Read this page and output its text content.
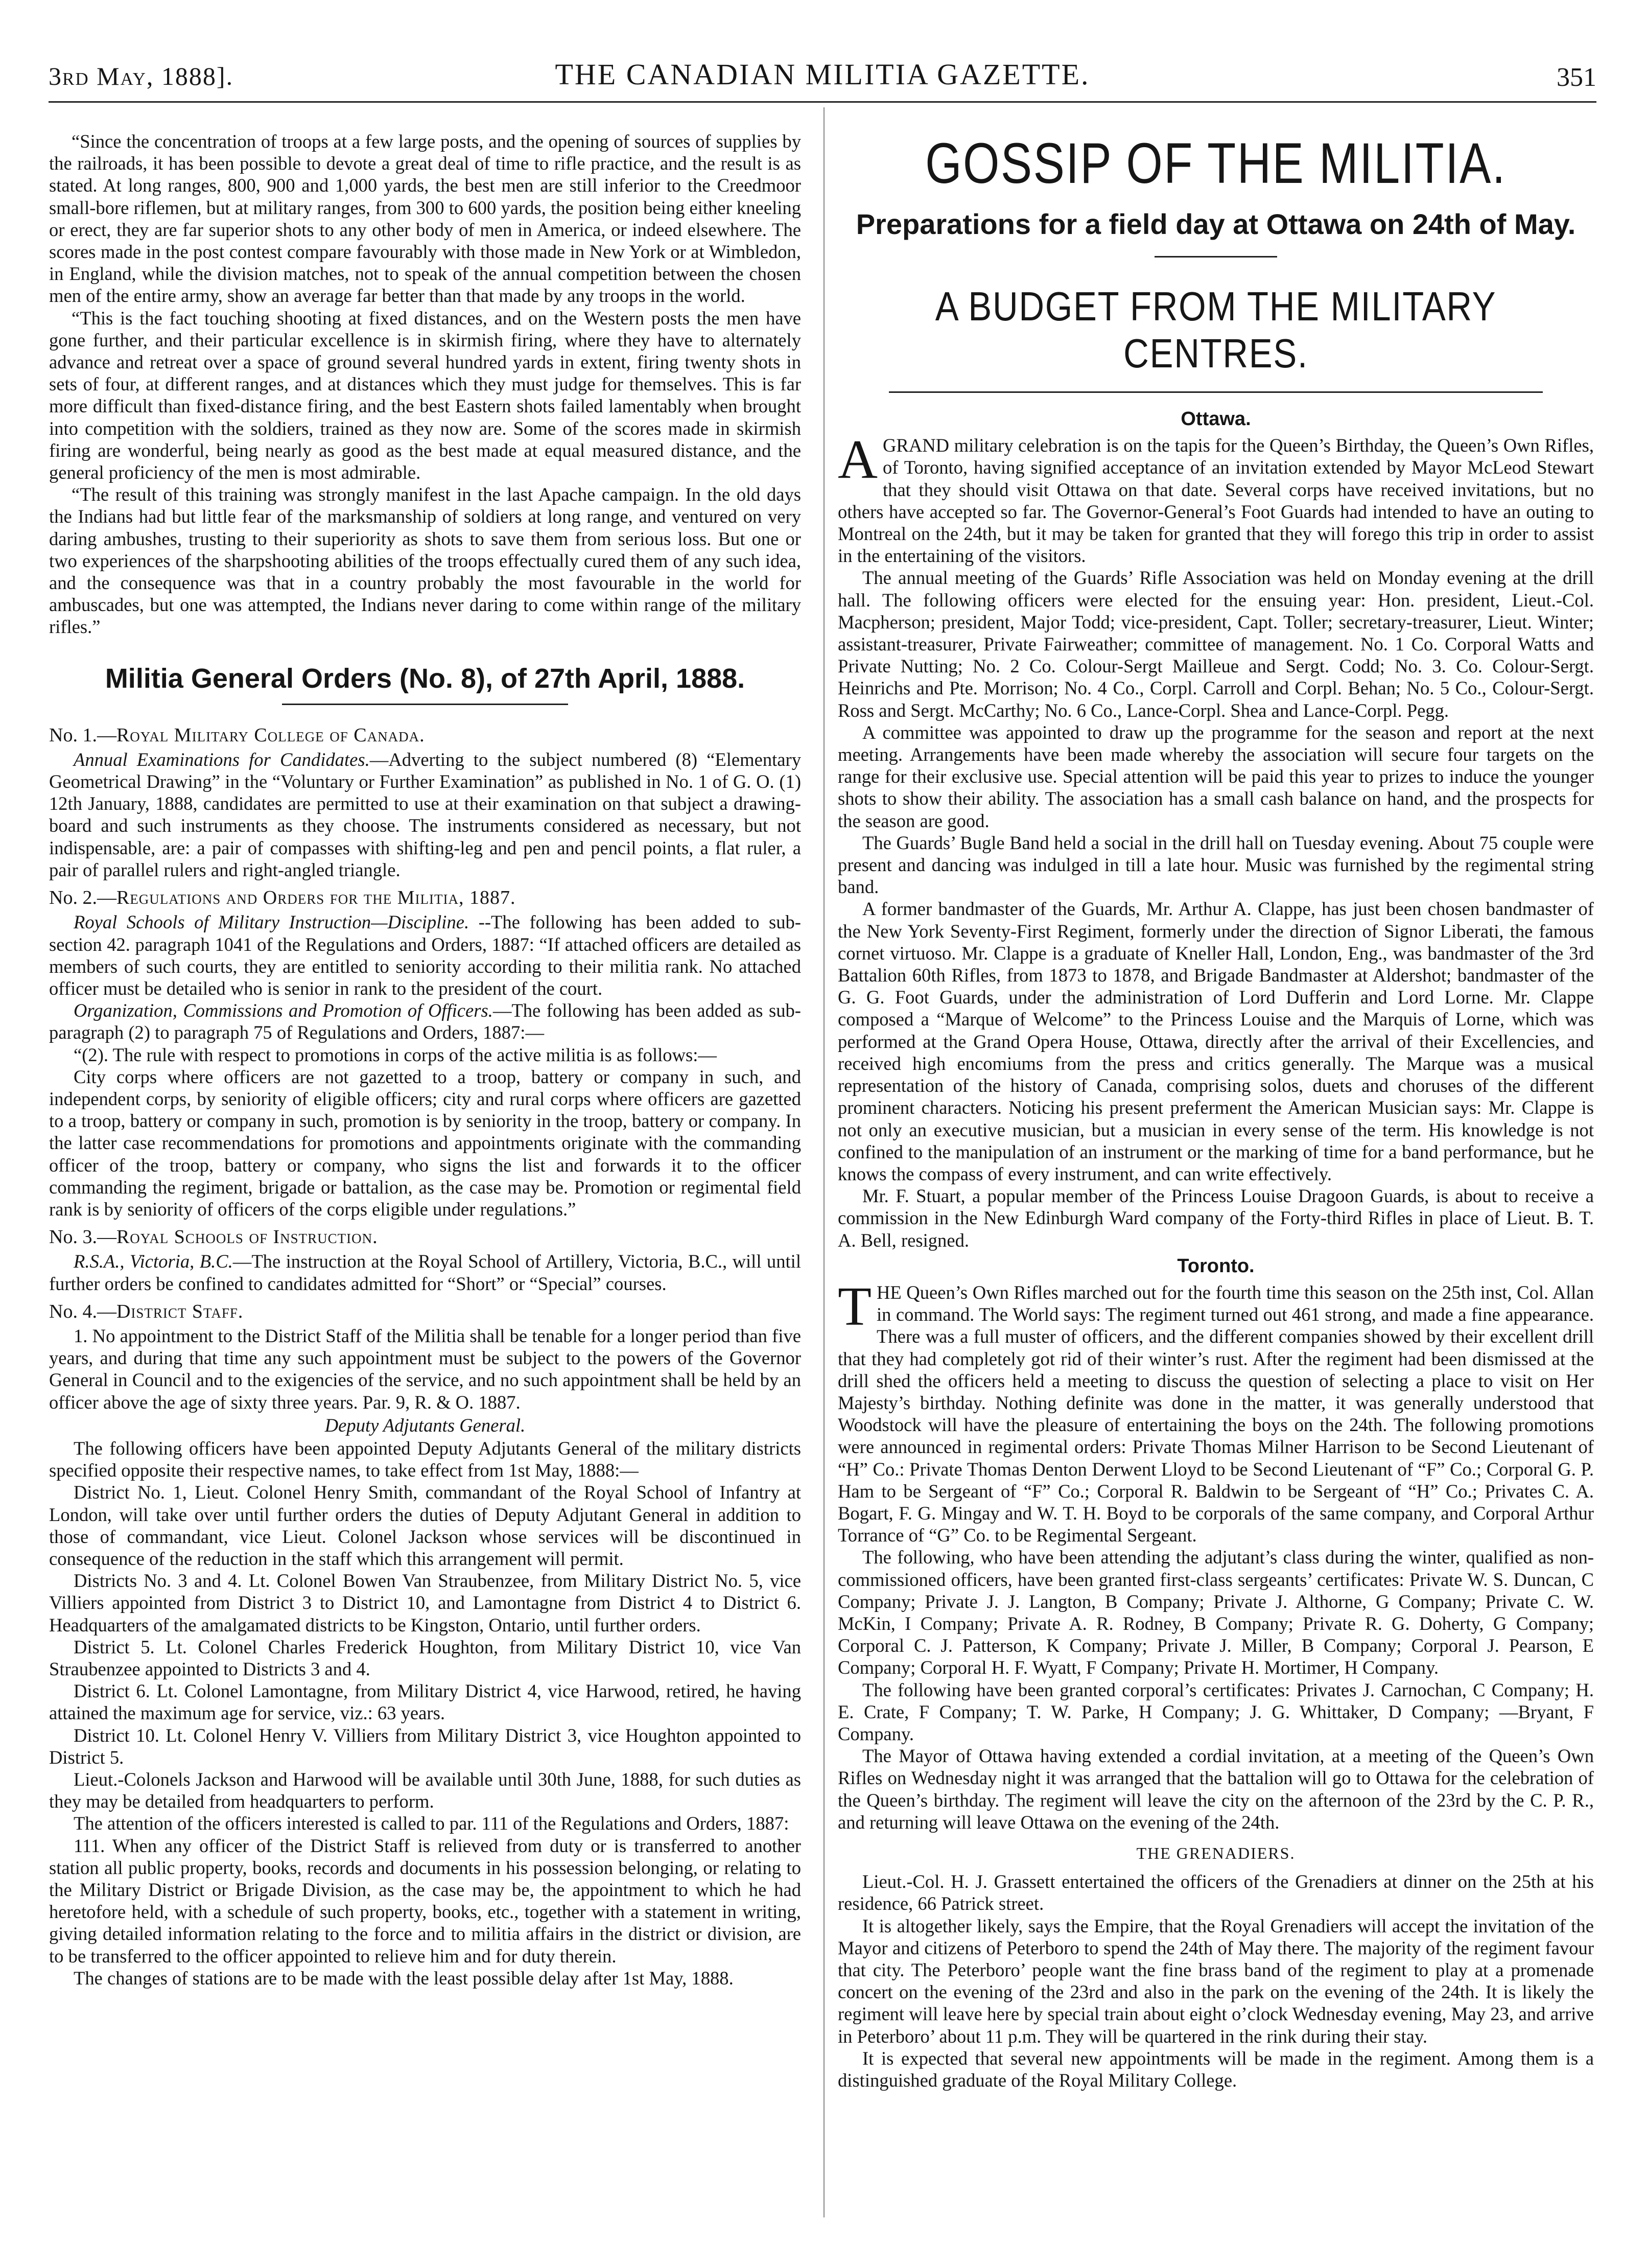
3rd May, 1888].	THE CANADIAN MILITIA GAZETTE.	351

“Since the concentration of troops at a few large posts, and the opening of sources of supplies by the railroads, it has been possible to devote a great deal of time to rifle practice, and the result is as stated. At long ranges, 800, 900 and 1,000 yards, the best men are still inferior to the Creedmoor small-bore riflemen, but at military ranges, from 300 to 600 yards, the position being either kneeling or erect, they are far superior shots to any other body of men in America, or indeed elsewhere. The scores made in the post contest compare favourably with those made in New York or at Wimbledon, in England, while the division matches, not to speak of the annual competition between the chosen men of the entire army, show an average far better than that made by any troops in the world.

“This is the fact touching shooting at fixed distances, and on the Western posts the men have gone further, and their particular excellence is in skirmish firing, where they have to alternately advance and retreat over a space of ground several hundred yards in extent, firing twenty shots in sets of four, at different ranges, and at distances which they must judge for themselves. This is far more difficult than fixed-distance firing, and the best Eastern shots failed lamentably when brought into competition with the soldiers, trained as they now are. Some of the scores made in skirmish firing are wonderful, being nearly as good as the best made at equal measured distance, and the general proficiency of the men is most admirable.

“The result of this training was strongly manifest in the last Apache campaign. In the old days the Indians had but little fear of the marksmanship of soldiers at long range, and ventured on very daring ambushes, trusting to their superiority as shots to save them from serious loss. But one or two experiences of the sharpshooting abilities of the troops effectually cured them of any such idea, and the consequence was that in a country probably the most favourable in the world for ambuscades, but one was attempted, the Indians never daring to come within range of the military rifles.”

Militia General Orders (No. 8), of 27th April, 1888.

No. 1.—Royal Military College of Canada.

Annual Examinations for Candidates.—Adverting to the subject numbered (8) “Elementary Geometrical Drawing” in the “Voluntary or Further Examination” as published in No. 1 of G. O. (1) 12th January, 1888, candidates are permitted to use at their examination on that subject a drawing-board and such instruments as they choose. The instruments considered as necessary, but not indispensable, are: a pair of compasses with shifting-leg and pen and pencil points, a flat ruler, a pair of parallel rulers and right-angled triangle.

No. 2.—Regulations and Orders for the Militia, 1887.

Royal Schools of Military Instruction—Discipline. --The following has been added to sub-section 42. paragraph 1041 of the Regulations and Orders, 1887: “If attached officers are detailed as members of such courts, they are entitled to seniority according to their militia rank. No attached officer must be detailed who is senior in rank to the president of the court.

Organization, Commissions and Promotion of Officers.—The following has been added as sub-paragraph (2) to paragraph 75 of Regulations and Orders, 1887:—

“(2). The rule with respect to promotions in corps of the active militia is as follows:—

City corps where officers are not gazetted to a troop, battery or company in such, and independent corps, by seniority of eligible officers; city and rural corps where officers are gazetted to a troop, battery or company in such, promotion is by seniority in the troop, battery or company. In the latter case recommendations for promotions and appointments originate with the commanding officer of the troop, battery or company, who signs the list and forwards it to the officer commanding the regiment, brigade or battalion, as the case may be. Promotion or regimental field rank is by seniority of officers of the corps eligible under regulations.”

No. 3.—Royal Schools of Instruction.

R.S.A., Victoria, B.C.—The instruction at the Royal School of Artillery, Victoria, B.C., will until further orders be confined to candidates admitted for “Short” or “Special” courses.

No. 4.—District Staff.

1. No appointment to the District Staff of the Militia shall be tenable for a longer period than five years, and during that time any such appointment must be subject to the powers of the Governor General in Council and to the exigencies of the service, and no such appointment shall be held by an officer above the age of sixty three years. Par. 9, R. & O. 1887.

Deputy Adjutants General.

The following officers have been appointed Deputy Adjutants General of the military districts specified opposite their respective names, to take effect from 1st May, 1888:—

District No. 1, Lieut. Colonel Henry Smith, commandant of the Royal School of Infantry at London, will take over until further orders the duties of Deputy Adjutant General in addition to those of commandant, vice Lieut. Colonel Jackson whose services will be discontinued in consequence of the reduction in the staff which this arrangement will permit.

Districts No. 3 and 4. Lt. Colonel Bowen Van Straubenzee, from Military District No. 5, vice Villiers appointed from District 3 to District 10, and Lamontagne from District 4 to District 6. Headquarters of the amalgamated districts to be Kingston, Ontario, until further orders.

District 5. Lt. Colonel Charles Frederick Houghton, from Military District 10, vice Van Straubenzee appointed to Districts 3 and 4.

District 6. Lt. Colonel Lamontagne, from Military District 4, vice Harwood, retired, he having attained the maximum age for service, viz.: 63 years.

District 10. Lt. Colonel Henry V. Villiers from Military District 3, vice Houghton appointed to District 5.

Lieut.-Colonels Jackson and Harwood will be available until 30th June, 1888, for such duties as they may be detailed from headquarters to perform.

The attention of the officers interested is called to par. 111 of the Regulations and Orders, 1887:

111. When any officer of the District Staff is relieved from duty or is transferred to another station all public property, books, records and documents in his possession belonging, or relating to the Military District or Brigade Division, as the case may be, the appointment to which he had heretofore held, with a schedule of such property, books, etc., together with a statement in writing, giving detailed information relating to the force and to militia affairs in the district or division, are to be transferred to the officer appointed to relieve him and for duty therein.

The changes of stations are to be made with the least possible delay after 1st May, 1888.

GOSSIP OF THE MILITIA.
Preparations for a field day at Ottawa on 24th of May.
A BUDGET FROM THE MILITARY CENTRES.

Ottawa.

AGRAND military celebration is on the tapis for the Queen’s Birthday, the Queen’s Own Rifles, of Toronto, having signified acceptance of an invitation extended by Mayor McLeod Stewart that they should visit Ottawa on that date. Several corps have received invitations, but no others have accepted so far. The Governor-General’s Foot Guards had intended to have an outing to Montreal on the 24th, but it may be taken for granted that they will forego this trip in order to assist in the entertaining of the visitors.

The annual meeting of the Guards’ Rifle Association was held on Monday evening at the drill hall. The following officers were elected for the ensuing year: Hon. president, Lieut.-Col. Macpherson; president, Major Todd; vice-president, Capt. Toller; secretary-treasurer, Lieut. Winter; assistant-treasurer, Private Fairweather; committee of management. No. 1 Co. Corporal Watts and Private Nutting; No. 2 Co. Colour-Sergt Mailleue and Sergt. Codd; No. 3. Co. Colour-Sergt. Heinrichs and Pte. Morrison; No. 4 Co., Corpl. Carroll and Corpl. Behan; No. 5 Co., Colour-Sergt. Ross and Sergt. McCarthy; No. 6 Co., Lance-Corpl. Shea and Lance-Corpl. Pegg.

A committee was appointed to draw up the programme for the season and report at the next meeting. Arrangements have been made whereby the association will secure four targets on the range for their exclusive use. Special attention will be paid this year to prizes to induce the younger shots to show their ability. The association has a small cash balance on hand, and the prospects for the season are good.

The Guards’ Bugle Band held a social in the drill hall on Tuesday evening. About 75 couple were present and dancing was indulged in till a late hour. Music was furnished by the regimental string band.

A former bandmaster of the Guards, Mr. Arthur A. Clappe, has just been chosen bandmaster of the New York Seventy-First Regiment, formerly under the direction of Signor Liberati, the famous cornet virtuoso. Mr. Clappe is a graduate of Kneller Hall, London, Eng., was bandmaster of the 3rd Battalion 60th Rifles, from 1873 to 1878, and Brigade Bandmaster at Aldershot; bandmaster of the G. G. Foot Guards, under the administration of Lord Dufferin and Lord Lorne. Mr. Clappe composed a “Marque of Welcome” to the Princess Louise and the Marquis of Lorne, which was performed at the Grand Opera House, Ottawa, directly after the arrival of their Excellencies, and received high encomiums from the press and critics generally. The Marque was a musical representation of the history of Canada, comprising solos, duets and choruses of the different prominent characters. Noticing his present preferment the American Musician says: Mr. Clappe is not only an executive musician, but a musician in every sense of the term. His knowledge is not confined to the manipulation of an instrument or the marking of time for a band performance, but he knows the compass of every instrument, and can write effectively.

Mr. F. Stuart, a popular member of the Princess Louise Dragoon Guards, is about to receive a commission in the New Edinburgh Ward company of the Forty-third Rifles in place of Lieut. B. T. A. Bell, resigned.

Toronto.

THE Queen’s Own Rifles marched out for the fourth time this season on the 25th inst, Col. Allan in command. The World says: The regiment turned out 461 strong, and made a fine appearance. There was a full muster of officers, and the different companies showed by their excellent drill that they had completely got rid of their winter’s rust. After the regiment had been dismissed at the drill shed the officers held a meeting to discuss the question of selecting a place to visit on Her Majesty’s birthday. Nothing definite was done in the matter, it was generally understood that Woodstock will have the pleasure of entertaining the boys on the 24th. The following promotions were announced in regimental orders: Private Thomas Milner Harrison to be Second Lieutenant of “H” Co.: Private Thomas Denton Derwent Lloyd to be Second Lieutenant of “F” Co.; Corporal G. P. Ham to be Sergeant of “F” Co.; Corporal R. Baldwin to be Sergeant of “H” Co.; Privates C. A. Bogart, F. G. Mingay and W. T. H. Boyd to be corporals of the same company, and Corporal Arthur Torrance of “G” Co. to be Regimental Sergeant.

The following, who have been attending the adjutant’s class during the winter, qualified as non-commissioned officers, have been granted first-class sergeants’ certificates: Private W. S. Duncan, C Company; Private J. J. Langton, B Company; Private J. Althorne, G Company; Private C. W. McKin, I Company; Private A. R. Rodney, B Company; Private R. G. Doherty, G Company; Corporal C. J. Patterson, K Company; Private J. Miller, B Company; Corporal J. Pearson, E Company; Corporal H. F. Wyatt, F Company; Private H. Mortimer, H Company.

The following have been granted corporal’s certificates: Privates J. Carnochan, C Company; H. E. Crate, F Company; T. W. Parke, H Company; J. G. Whittaker, D Company; —Bryant, F Company.

The Mayor of Ottawa having extended a cordial invitation, at a meeting of the Queen’s Own Rifles on Wednesday night it was arranged that the battalion will go to Ottawa for the celebration of the Queen’s birthday. The regiment will leave the city on the afternoon of the 23rd by the C. P. R., and returning will leave Ottawa on the evening of the 24th.

THE GRENADIERS.

Lieut.-Col. H. J. Grassett entertained the officers of the Grenadiers at dinner on the 25th at his residence, 66 Patrick street.

It is altogether likely, says the Empire, that the Royal Grenadiers will accept the invitation of the Mayor and citizens of Peterboro to spend the 24th of May there. The majority of the regiment favour that city. The Peterboro’ people want the fine brass band of the regiment to play at a promenade concert on the evening of the 23rd and also in the park on the evening of the 24th. It is likely the regiment will leave here by special train about eight o’clock Wednesday evening, May 23, and arrive in Peterboro’ about 11 p.m. They will be quartered in the rink during their stay.

It is expected that several new appointments will be made in the regiment. Among them is a distinguished graduate of the Royal Military College.
